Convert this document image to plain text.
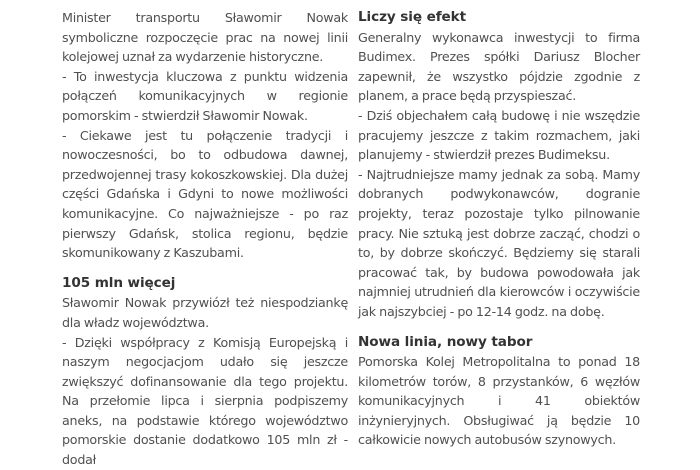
Minister transportu Sławomir Nowak symboliczne rozpoczęcie prac na nowej linii kolejowej uznał za wydarzenie historyczne.

- To inwestycja kluczowa z punktu widzenia połączeń komunikacyjnych w regionie pomorskim - stwierdził Sławomir Nowak.

- Ciekawe jest tu połączenie tradycji i nowoczesności, bo to odbudowa dawnej, przedwojennej trasy kokoszkowskiej. Dla dużej części Gdańska i Gdyni to nowe możliwości komunikacyjne. Co najważniejsze - po raz pierwszy Gdańsk, stolica regionu, będzie skomunikowany z Kaszubami.

105 mln więcej

Sławomir Nowak przywiózł też niespodziankę dla władz województwa.

- Dzięki współpracy z Komisją Europejską i naszym negocjacjom udało się jeszcze zwiększyć dofinansowanie dla tego projektu. Na przełomie lipca i sierpnia podpiszemy aneks, na podstawie którego województwo pomorskie dostanie dodatkowo 105 mln zł - dodał

Liczy się efekt

Generalny wykonawca inwestycji to firma Budimex. Prezes spółki Dariusz Blocher zapewnił, że wszystko pójdzie zgodnie z planem, a prace będą przyspieszać.

- Dziś objechałem całą budowę i nie wszędzie pracujemy jeszcze z takim rozmachem, jaki planujemy - stwierdził prezes Budimeksu.

- Najtrudniejsze mamy jednak za sobą. Mamy dobranych podwykonawców, dogranie projekty, teraz pozostaje tylko pilnowanie pracy. Nie sztuką jest dobrze zacząć, chodzi o to, by dobrze skończyć. Będziemy się starali pracować tak, by budowa powodowała jak najmniej utrudnień dla kierowców i oczywiście jak najszybciej - po 12-14 godz. na dobę.

Nowa linia, nowy tabor

Pomorska Kolej Metropolitalna to ponad 18 kilometrów torów, 8 przystanków, 6 węzłów komunikacyjnych i 41 obiektów inżynieryjnych. Obsługiwać ją będzie 10 całkowicie nowych autobusów szynowych.
